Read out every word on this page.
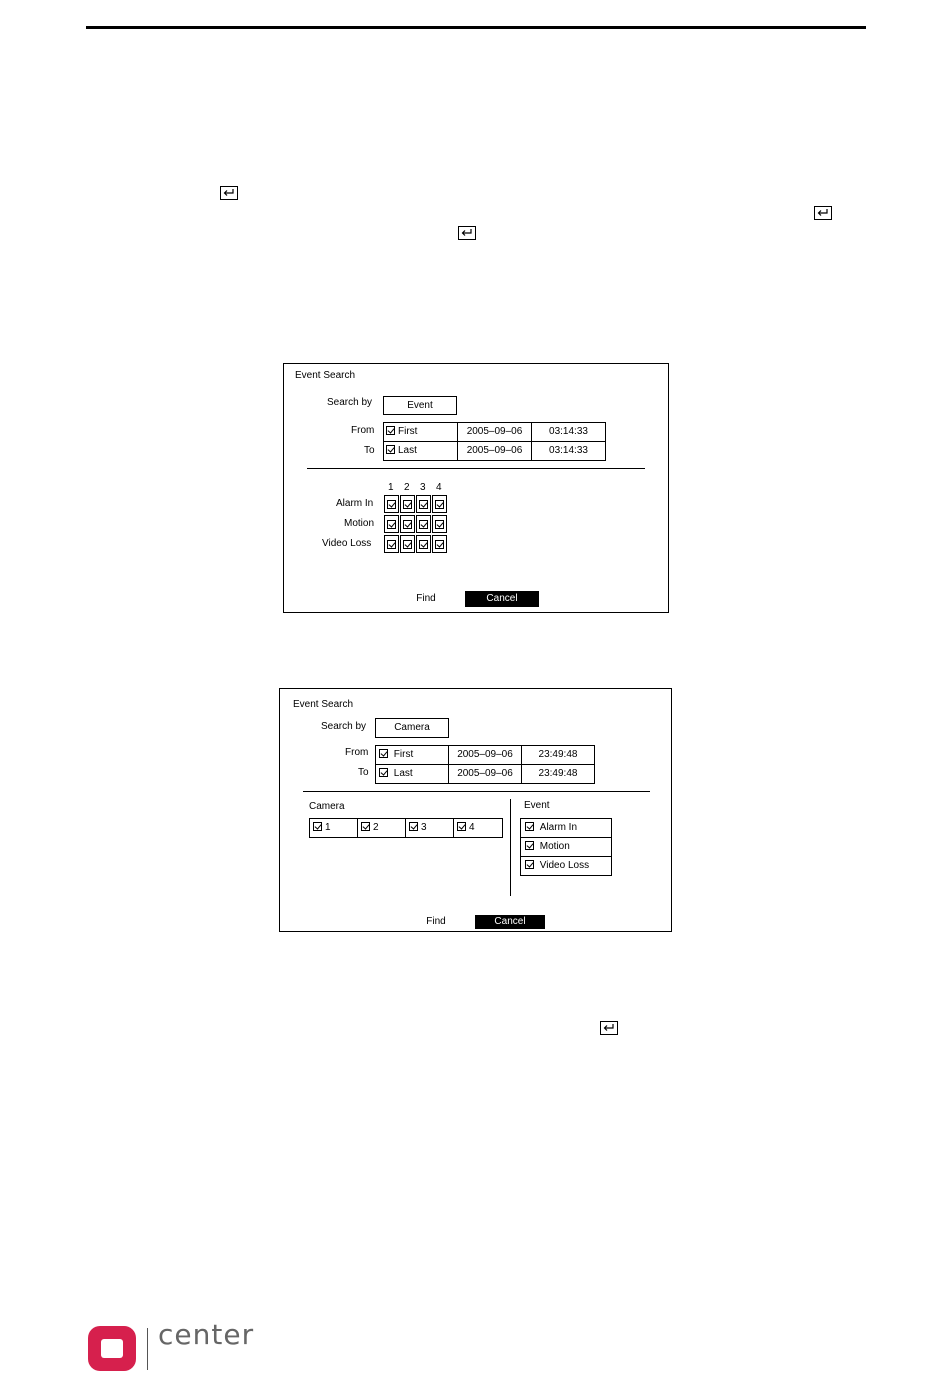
Event Search
Search by	Event
From	First	2005–09–06	03:14:33
To	Last	2005–09–06	03:14:33
1 2 3 4
Alarm In
Motion
Video Loss
Find	Cancel
Event Search
Search by	Camera
From	First	2005–09–06	23:49:48
To	Last	2005–09–06	23:49:48
Camera
1	2	3	4
Event
Alarm In
Motion
Video Loss
Find	Cancel
center
